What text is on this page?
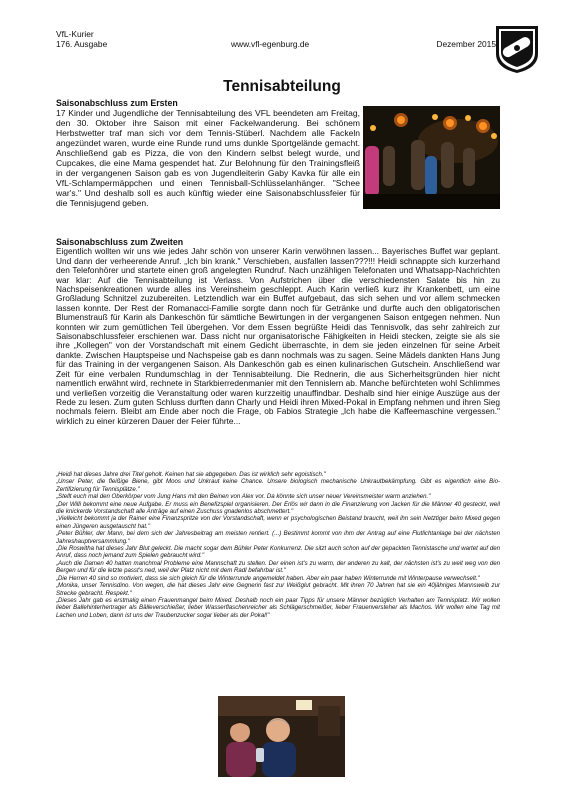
VfL-Kurier
176. Ausgabe	www.vfl-egenburg.de	Dezember 2015
Tennisabteilung

Saisonabschluss zum Ersten

17 Kinder und Jugendliche der Tennisabteilung des VFL beendeten am Freitag, den 30. Oktober ihre Saison mit einer Fackelwanderung. Bei schönem Herbstwetter traf man sich vor dem Tennis-Stüberl. Nachdem alle Fackeln angezündet waren, wurde eine Runde rund ums dunkle Sportgelände gemacht. Anschließend gab es Pizza, die von den Kindern selbst belegt wurde, und Cupcakes, die eine Mama gespendet hat. Zur Belohnung für den Trainingsfleiß in der vergangenen Saison gab es von Jugendleiterin Gaby Kavka für alle ein VfL-Schlampermäppchen und einen Tennisball-Schlüsselanhänger. "Schee war's." Und deshalb soll es auch künftig wieder eine Saisonabschlussfeier für die Tennisjugend geben.

Saisonabschluss zum Zweiten

Eigentlich wollten wir uns wie jedes Jahr schön von unserer Karin verwöhnen lassen... Bayerisches Buffet war geplant. Und dann der verheerende Anruf. „Ich bin krank." Verschieben, ausfallen lassen???!!! Heidi schnappte sich kurzerhand den Telefonhörer und startete einen groß angelegten Rundruf. Nach unzähligen Telefonaten und Whatsapp-Nachrichten war klar: Auf die Tennisabteilung ist Verlass. Von Aufstrichen über die verschiedensten Salate bis hin zu Nachspeisenkreationen wurde alles ins Vereinsheim geschleppt. Auch Karin verließ kurz ihr Krankenbett, um eine Großladung Schnitzel zuzubereiten. Letztendlich war ein Buffet aufgebaut, das sich sehen und vor allem schmecken lassen konnte. Der Rest der Romanacci-Familie sorgte dann noch für Getränke und durfte auch den obligatorischen Blumenstrauß für Karin als Dankeschön für sämtliche Bewirtungen in der vergangenen Saison entgegen nehmen. Nun konnten wir zum gemütlichen Teil übergehen. Vor dem Essen begrüßte Heidi das Tennisvolk, das sehr zahlreich zur Saisonabschlussfeier erschienen war. Dass nicht nur organisatorische Fähigkeiten in Heidi stecken, zeigte sie als sie ihre „Kollegen" von der Vorstandschaft mit einem Gedicht überraschte, in dem sie jeden einzelnen für seine Arbeit dankte. Zwischen Hauptspeise und Nachspeise gab es dann nochmals was zu sagen. Seine Mädels dankten Hans Jung für das Training in der vergangenen Saison. Als Dankeschön gab es einen kulinarischen Gutschein. Anschließend war Zeit für eine verbalen Rundumschlag in der Tennisabteilung. Die Rednerin, die aus Sicherheitsgründen hier nicht namentlich erwähnt wird, rechnete in Starkbierredenmanier mit den Tennislern ab. Manche befürchteten wohl Schlimmes und verließen vorzeitig die Veranstaltung oder waren kurzzeitig unauffindbar. Deshalb sind hier einige Auszüge aus der Rede zu lesen. Zum guten Schluss durften dann Charly und Heidi ihren Mixed-Pokal in Empfang nehmen und ihren Sieg nochmals feiern. Bleibt am Ende aber noch die Frage, ob Fabios Strategie „Ich habe die Kaffeemaschine vergessen." wirklich zu einer kürzeren Dauer der Feier führte...

„Heidi hat dieses Jahre drei Titel geholt. Keinen hat sie abgegeben. Das ist wirklich sehr egoistisch."

„Unser Peter, die fleißige Biene, gibt Moos und Unkraut keine Chance. Unsere biologisch mechanische Unkrautbekämpfung. Gibt es eigentlich eine Bio-Zertifizierung für Tennisplätze."

„Stellt euch mal den Oberkörper vom Jung Hans mit den Beinen von Alex vor. Da könnte sich unser neuer Vereinsmeister warm anziehen."

„Der Willi bekommt eine neue Aufgabe. Er muss ein Benefizspiel organisieren. Der Erlös wir dann in die Finanzierung von Jacken für die Männer 40 gesteckt, weil die knickerde Vorstandschaft alle Anträge auf einen Zuschuss gnadenlos abschmettert."

„Vielleicht bekommt ja der Rainer eine Finanzspritze von der Vorstandschaft, wenn er psychologischen Beistand braucht, weil ihn sein Netztiger beim Mixed gegen einen Jüngeren ausgetauscht hat."

„Peter Bühler, der Mann, bei dem sich der Jahresbeitrag am meisten rentiert. (...) Bestimmt kommt von ihm der Antrag auf eine Flutlichtanlage bei der nächsten Jahreshauptversammlung."

„Die Roswitha hat dieses Jahr Blut geleckt. Die macht sogar dem Bühler Peter Konkurrenz. Die sitzt auch schon auf der gepackten Tennistasche und wartet auf den Anruf, dass noch jemand zum Spielen gebraucht wird."

„Auch die Damen 40 hatten manchmal Probleme eine Mannschaft zu stellen. Der einen ist's zu warm, der anderen zu kalt, der nächsten ist's zu weit weg von den Bergen und für die letzte passt's ned, weil der Platz nicht mit dem Radl befahrbar ist."

„Die Herren 40 sind so motiviert, dass sie sich gleich für die Winterrunde angemeldet haben. Aber ein paar haben Winterrunde mit Winterpause verwechselt."

„Monika, unser Tennisdino. Von wegen, die hat dieses Jahr eine Gegnerin fast zur Weißglut gebracht. Mit ihren 70 Jahren hat sie ein 40jähriges Mannsweib zur Strecke gebracht. Respekt."

„Dieses Jahr gab es erstmalig einen Frauenmangel beim Mixed. Deshalb noch ein paar Tipps für unsere Männer bezüglich Verhalten am Tennisplatz. Wir wollen lieber Ballehinterhertrager als Bälleverschießer, lieber Wasserflaschenreicher als Schlägerschmeißer, lieber Frauenversteher als Machos. Wir wollen eine Tag mit Lachen und Loben, dann ist uns der Traubenzucker sogar lieber als der Pokal!"
